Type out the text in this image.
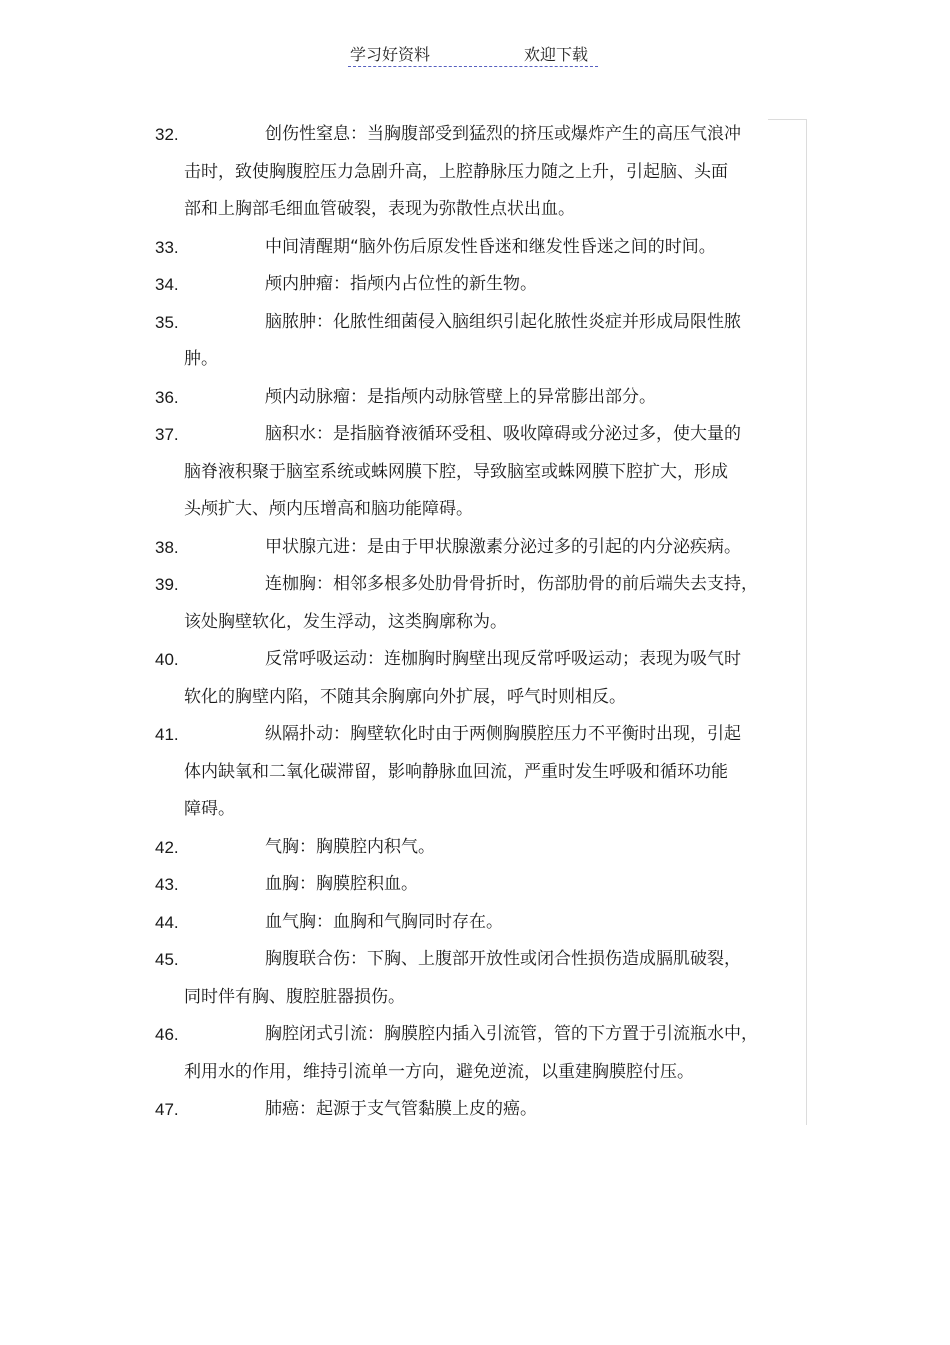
学习好资料	欢迎下载
32.	创伤性窒息：当胸腹部受到猛烈的挤压或爆炸产生的高压气浪冲
击时，致使胸腹腔压力急剧升高，上腔静脉压力随之上升，引起脑、头面
部和上胸部毛细血管破裂，表现为弥散性点状出血。
33.	中间清醒期“脑外伤后原发性昏迷和继发性昏迷之间的时间。
34.	颅内肿瘤：指颅内占位性的新生物。
35.	脑脓肿：化脓性细菌侵入脑组织引起化脓性炎症并形成局限性脓
肿。
36.	颅内动脉瘤：是指颅内动脉管壁上的异常膨出部分。
37.	脑积水：是指脑脊液循环受租、吸收障碍或分泌过多，使大量的
脑脊液积聚于脑室系统或蛛网膜下腔，导致脑室或蛛网膜下腔扩大，形成
头颅扩大、颅内压增高和脑功能障碍。
38.	甲状腺亢进：是由于甲状腺激素分泌过多的引起的内分泌疾病。
39.	连枷胸：相邻多根多处肋骨骨折时，伤部肋骨的前后端失去支持，
该处胸壁软化，发生浮动，这类胸廓称为。
40.	反常呼吸运动：连枷胸时胸壁出现反常呼吸运动；表现为吸气时
软化的胸壁内陷，不随其余胸廓向外扩展，呼气时则相反。
41.	纵隔扑动：胸壁软化时由于两侧胸膜腔压力不平衡时出现，引起
体内缺氧和二氧化碳滞留，影响静脉血回流，严重时发生呼吸和循环功能
障碍。
42.	气胸：胸膜腔内积气。
43.	血胸：胸膜腔积血。
44.	血气胸：血胸和气胸同时存在。
45.	胸腹联合伤：下胸、上腹部开放性或闭合性损伤造成膈肌破裂，
同时伴有胸、腹腔脏器损伤。
46.	胸腔闭式引流：胸膜腔内插入引流管，管的下方置于引流瓶水中，
利用水的作用，维持引流单一方向，避免逆流，以重建胸膜腔付压。
47.	肺癌：起源于支气管黏膜上皮的癌。
